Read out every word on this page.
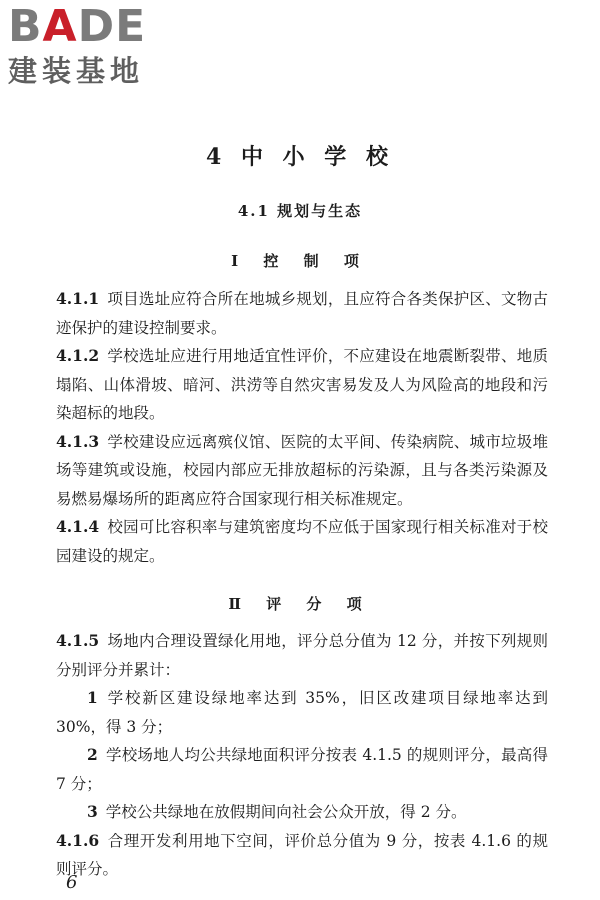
BADE
建装基地
4 中 小 学 校
4.1 规划与生态
Ⅰ 控 制 项

4.1.1 项目选址应符合所在地城乡规划，且应符合各类保护区、文物古迹保护的建设控制要求。

4.1.2 学校选址应进行用地适宜性评价，不应建设在地震断裂带、地质塌陷、山体滑坡、暗河、洪涝等自然灾害易发及人为风险高的地段和污染超标的地段。

4.1.3 学校建设应远离殡仪馆、医院的太平间、传染病院、城市垃圾堆场等建筑或设施，校园内部应无排放超标的污染源，且与各类污染源及易燃易爆场所的距离应符合国家现行相关标准规定。

4.1.4 校园可比容积率与建筑密度均不应低于国家现行相关标准对于校园建设的规定。

Ⅱ 评 分 项

4.1.5 场地内合理设置绿化用地，评分总分值为 12 分，并按下列规则分别评分并累计：

1 学校新区建设绿地率达到 35%，旧区改建项目绿地率达到 30%，得 3 分；

2 学校场地人均公共绿地面积评分按表 4.1.5 的规则评分，最高得 7 分；

3 学校公共绿地在放假期间向社会公众开放，得 2 分。

4.1.6 合理开发利用地下空间，评价总分值为 9 分，按表 4.1.6 的规则评分。

6
